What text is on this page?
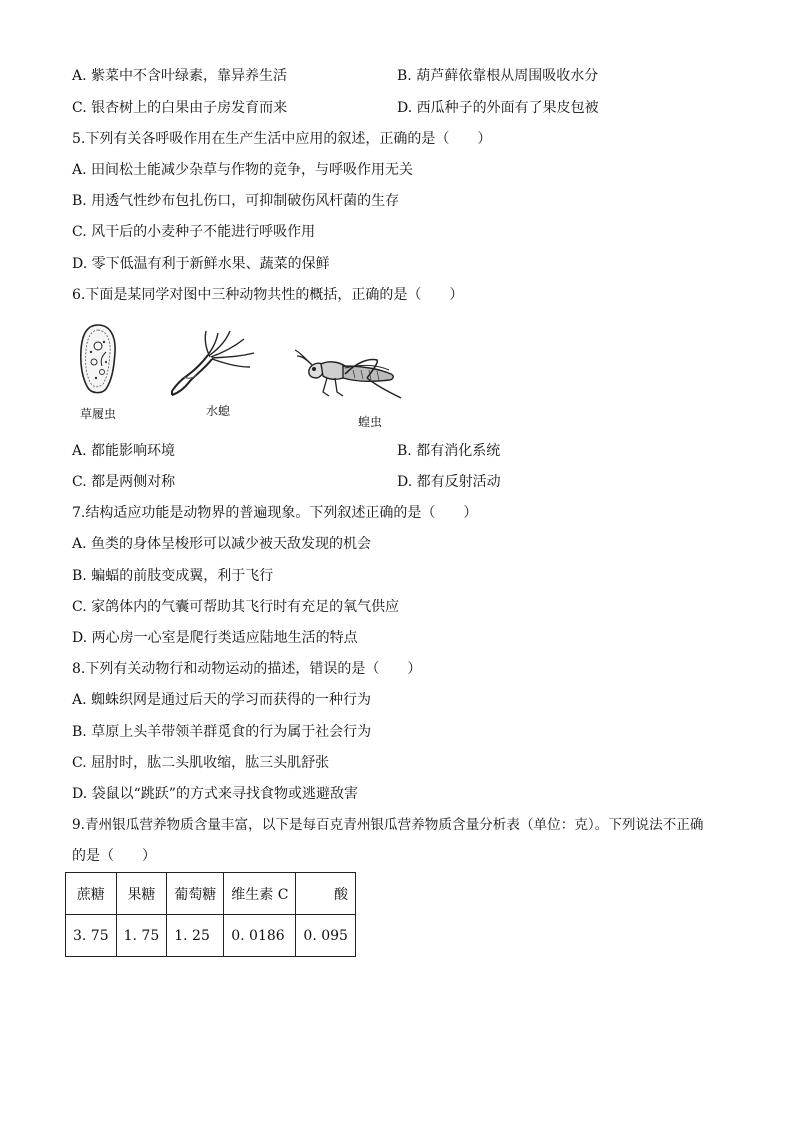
A. 紫菜中不含叶绿素，靠异养生活	B. 葫芦藓依靠根从周围吸收水分
C. 银杏树上的白果由子房发育而来	D. 西瓜种子的外面有了果皮包被
5.下列有关各呼吸作用在生产生活中应用的叙述，正确的是（　　）
A. 田间松土能减少杂草与作物的竞争，与呼吸作用无关
B. 用透气性纱布包扎伤口，可抑制破伤风杆菌的生存
C. 风干后的小麦种子不能进行呼吸作用
D. 零下低温有利于新鲜水果、蔬菜的保鲜
6.下面是某同学对图中三种动物共性的概括，正确的是（　　）
草履虫	水螅
蝗虫
A. 都能影响环境	B. 都有消化系统
C. 都是两侧对称	D. 都有反射活动
7.结构适应功能是动物界的普遍现象。下列叙述正确的是（　　）
A. 鱼类的身体呈梭形可以减少被天敌发现的机会
B. 蝙蝠的前肢变成翼，利于飞行
C. 家鸽体内的气囊可帮助其飞行时有充足的氧气供应
D. 两心房一心室是爬行类适应陆地生活的特点
8.下列有关动物行和动物运动的描述，错误的是（　　）
A. 蜘蛛织网是通过后天的学习而获得的一种行为
B. 草原上头羊带领羊群觅食的行为属于社会行为
C. 屈肘时，肱二头肌收缩，肱三头肌舒张
D. 袋鼠以“跳跃”的方式来寻找食物或逃避敌害
9.青州银瓜营养物质含量丰富，以下是每百克青州银瓜营养物质含量分析表（单位：克）。下列说法不正确
的是（　　）
蔗糖	果糖	葡萄糖	维生素 C	酸
3. 75	1. 75	1. 25	0. 0186	0. 095
